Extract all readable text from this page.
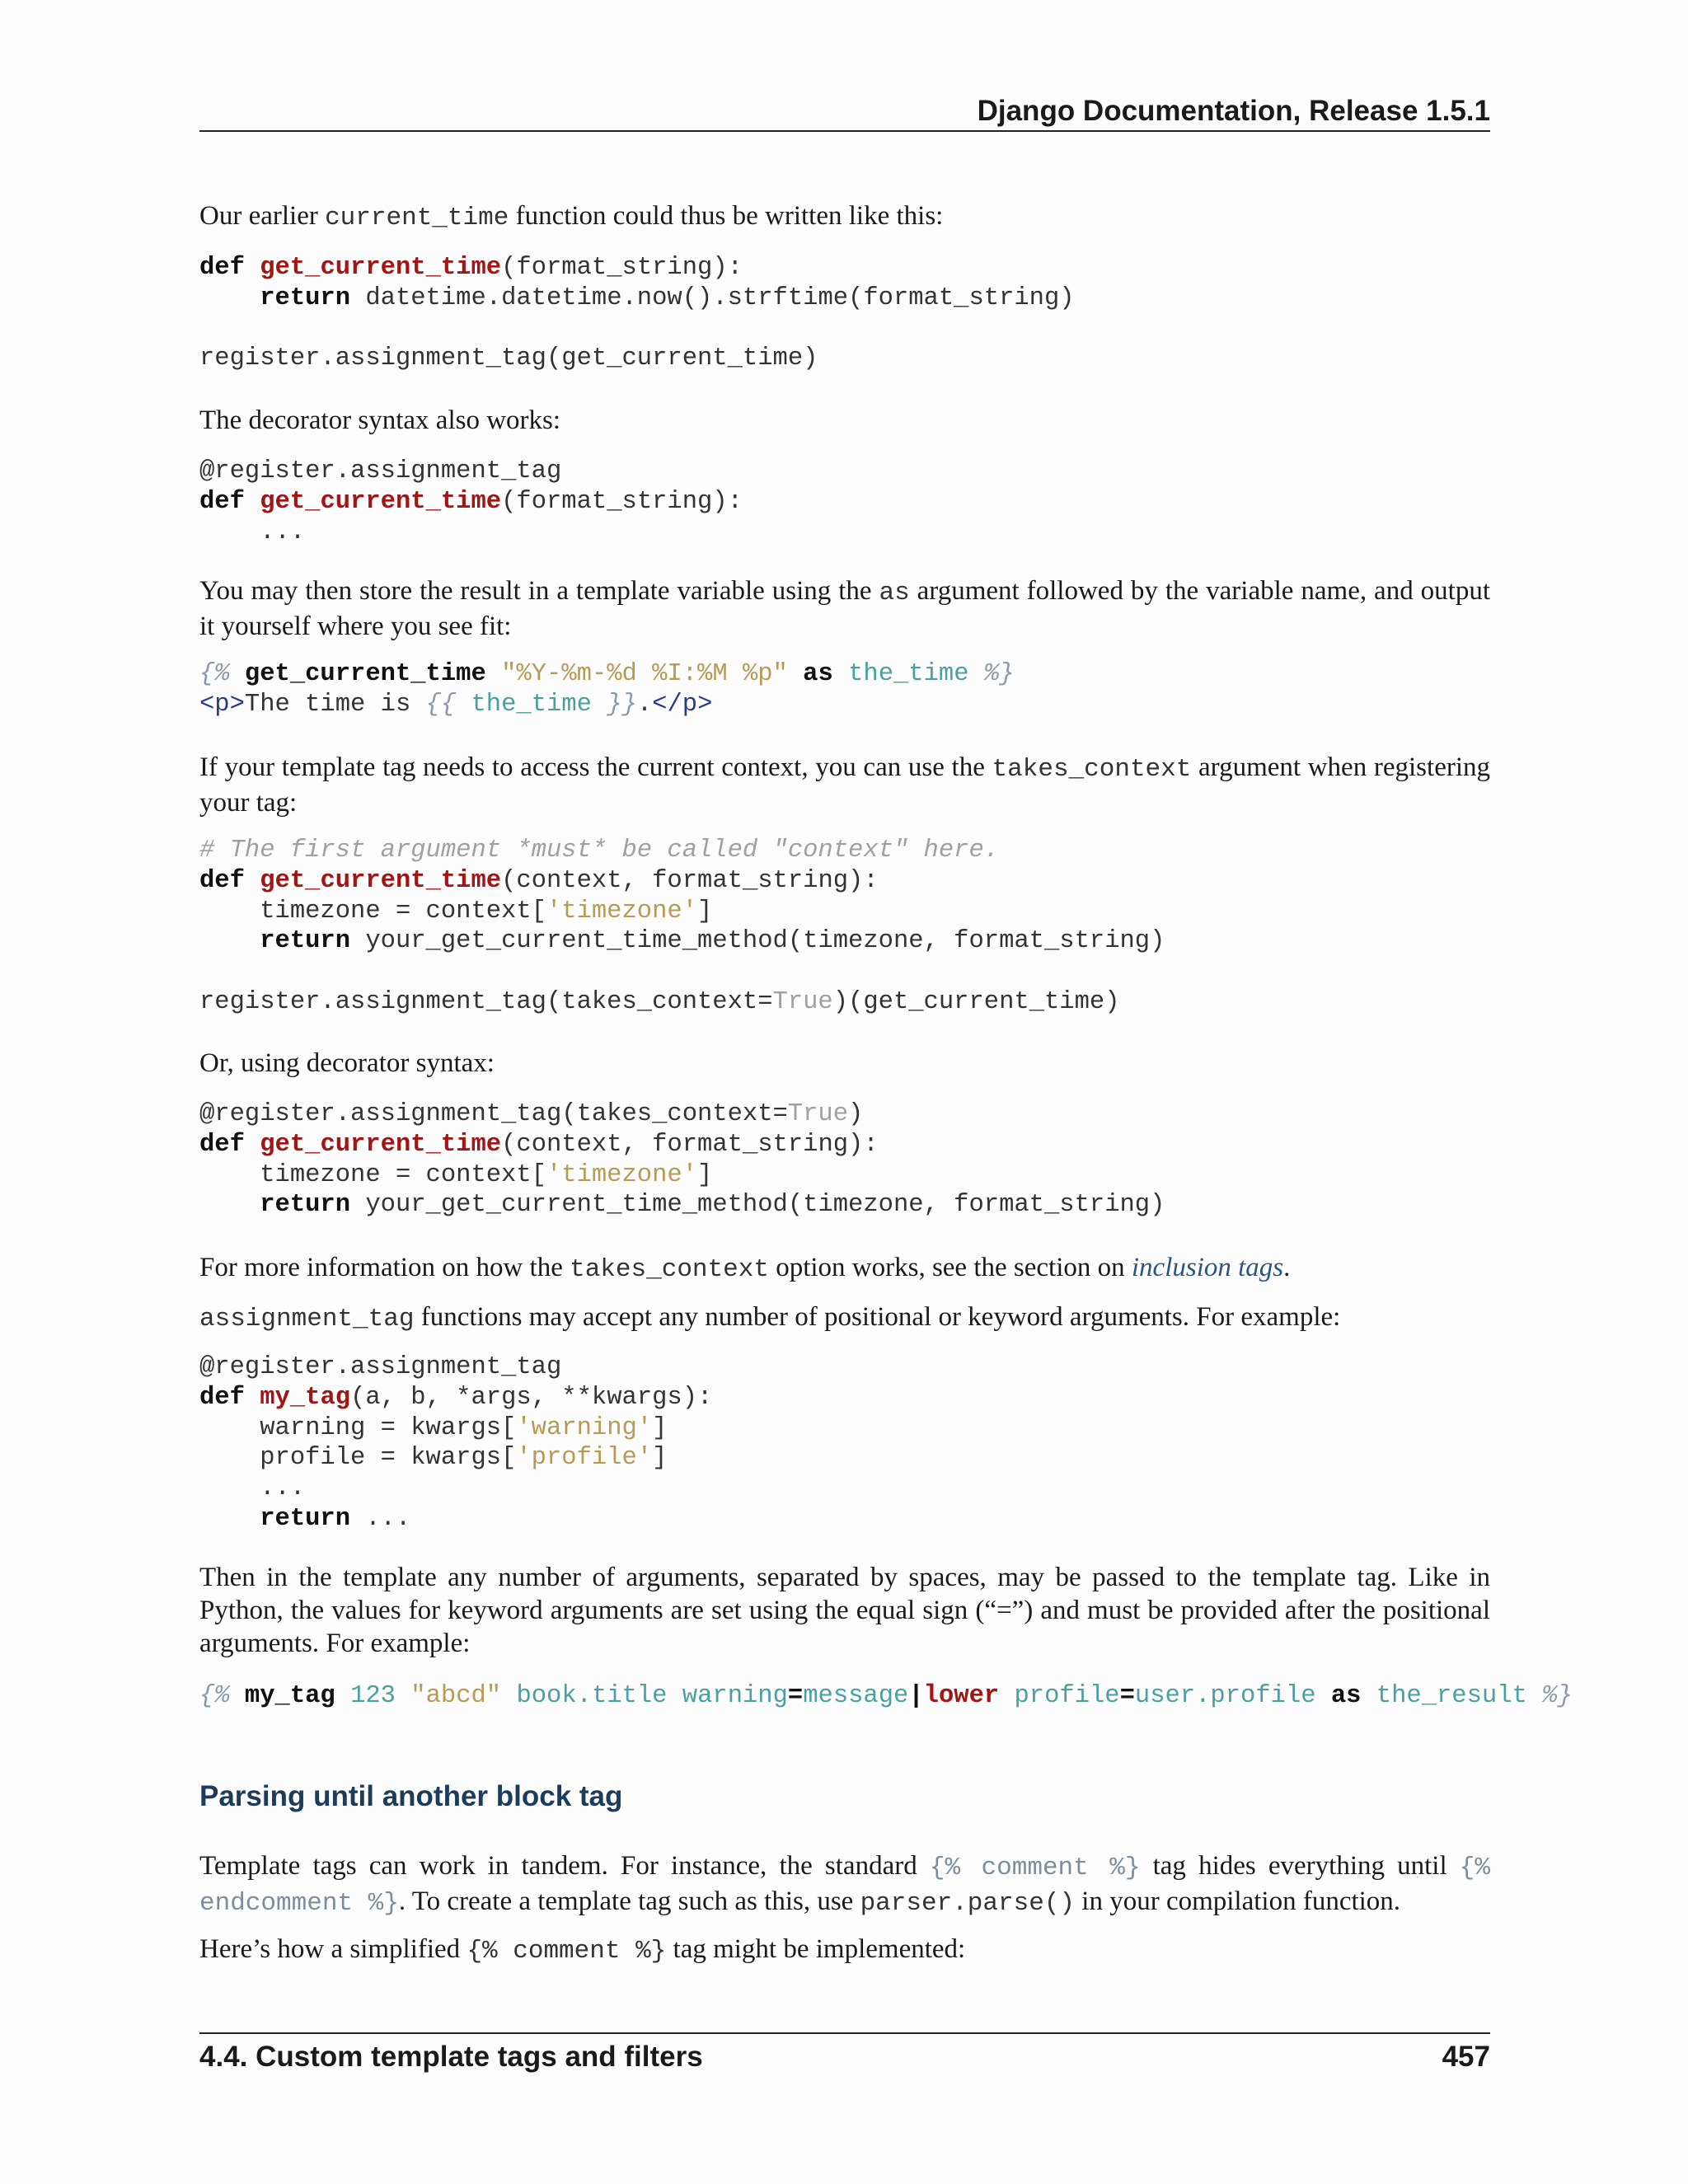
Django Documentation, Release 1.5.1
Our earlier current_time function could thus be written like this:
def get_current_time(format_string):
return datetime.datetime.now().strftime(format_string)

register.assignment_tag(get_current_time)
The decorator syntax also works:
@register.assignment_tag
def get_current_time(format_string):
...
You may then store the result in a template variable using the as argument followed by the variable name, and output it yourself where you see fit:
{% get_current_time "%Y-%m-%d %I:%M %p" as the_time %}
<p>The time is {{ the_time }}.</p>
If your template tag needs to access the current context, you can use the takes_context argument when registering your tag:
# The first argument *must* be called "context" here.
def get_current_time(context, format_string):
timezone = context['timezone']
return your_get_current_time_method(timezone, format_string)

register.assignment_tag(takes_context=True)(get_current_time)
Or, using decorator syntax:
@register.assignment_tag(takes_context=True)
def get_current_time(context, format_string):
timezone = context['timezone']
return your_get_current_time_method(timezone, format_string)
For more information on how the takes_context option works, see the section on inclusion tags.
assignment_tag functions may accept any number of positional or keyword arguments. For example:
@register.assignment_tag
def my_tag(a, b, *args, **kwargs):
warning = kwargs['warning']
profile = kwargs['profile']
...
return ...
Then in the template any number of arguments, separated by spaces, may be passed to the template tag. Like in Python, the values for keyword arguments are set using the equal sign (“=”) and must be provided after the positional arguments. For example:
{% my_tag 123 "abcd" book.title warning=message|lower profile=user.profile as the_result %}
Parsing until another block tag
Template tags can work in tandem. For instance, the standard {% comment %} tag hides everything until {% endcomment %}. To create a template tag such as this, use parser.parse() in your compilation function.
Here’s how a simplified {% comment %} tag might be implemented:
4.4. Custom template tags and filters	457
